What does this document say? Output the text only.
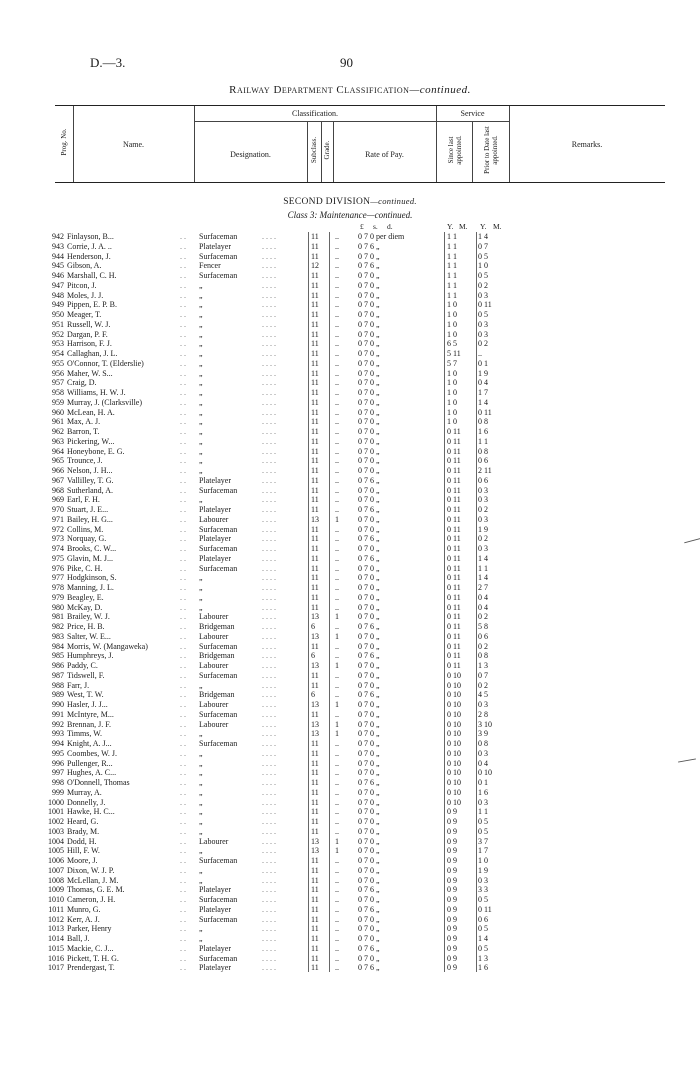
D.—3.	90
Railway Department Classification—continued.
Prog. No.	Name.
Classification.	Service
Designation.	Subclass. Grade.	Rate of Pay.	Since last appointed.	Prior to Date last appointed.	Remarks.
SECOND DIVISION—continued.
Class 3: Maintenance—continued.
£ s. d.	Y. M. Y. M.
942 Finlayson, B...	Surfaceman	11	..	0 7 0 per diem	1 1	1 4
. .	. . . .
943 Corrie, J. A. ..	Platelayer	11	..	0 7 6 „	1 1	0 7
. .	. . . .
944 Henderson, J.	Surfaceman	11	..	0 7 0 „	1 1	0 5
. .	. . . .
945 Gibson, A.	Fencer	12	..	0 7 6 „	1 1	1 0
. .	. . . .
946 Marshall, C. H.	Surfaceman	11	..	0 7 0 „	1 1	0 5
. .	. . . .
947 Pitcon, J.	„	11	..	0 7 0 „	1 1	0 2
. .	. . . .
948 Moles, J. J.	„	11	..	0 7 0 „	1 1	0 3
. .	. . . .
949 Pippen, E. P. B.	„	11	..	0 7 0 „	1 0	0 11
. .	. . . .
950 Meager, T.	„	11	..	0 7 0 „	1 0	0 5
. .	. . . .
951 Russell, W. J.	„	11	..	0 7 0 „	1 0	0 3
. .	. . . .
952 Dargan, P. F.	„	11	..	0 7 0 „	1 0	0 3
. .	. . . .
953 Harrison, F. J.	„	11	..	0 7 0 „	6 5	0 2
. .	. . . .
954 Callaghan, J. L.	„	11	..	0 7 0 „	5 11	..
. .	. . . .
955 O'Connor, T. (Elderslie)	„	11	..	0 7 0 „	5 7	0 1
. .	. . . .
956 Maher, W. S...	„	11	..	0 7 0 „	1 0	1 9
. .	. . . .
957 Craig, D.	„	11	..	0 7 0 „	1 0	0 4
. .	. . . .
958 Williams, H. W. J.	„	11	..	0 7 0 „	1 0	1 7
. .	. . . .
959 Murray, J. (Clarksville)	„	11	..	0 7 0 „	1 0	1 4
. .	. . . .
960 McLean, H. A.	„	11	..	0 7 0 „	1 0	0 11
. .	. . . .
961 Max, A. J.	„	11	..	0 7 0 „	1 0	0 8
. .	. . . .
962 Barron, T.	„	11	..	0 7 0 „	0 11	1 6
. .	. . . .
963 Pickering, W...	„	11	..	0 7 0 „	0 11	1 1
. .	. . . .
964 Honeybone, E. G.	„	11	..	0 7 0 „	0 11	0 8
. .	. . . .
965 Trounce, J.	„	11	..	0 7 0 „	0 11	0 6
. .	. . . .
966 Nelson, J. H...	„	11	..	0 7 0 „	0 11	2 11
. .	. . . .
967 Vallilley, T. G.	Platelayer	11	..	0 7 6 „	0 11	0 6
. .	. . . .
968 Sutherland, A.	Surfaceman	11	..	0 7 0 „	0 11	0 3
. .	. . . .
969 Earl, F. H.	„	11	..	0 7 0 „	0 11	0 3
. .	. . . .
970 Stuart, J. E...	Platelayer	11	..	0 7 6 „	0 11	0 2
. .	. . . .
971 Bailey, H. G...	Labourer	13	1	0 7 0 „	0 11	0 3
. .	. . . .
972 Collins, M.	Surfaceman	11	..	0 7 0 „	0 11	1 9
. .	. . . .
973 Norquay, G.	Platelayer	11	..	0 7 6 „	0 11	0 2
. .	. . . .
974 Brooks, C. W...	Surfaceman	11	..	0 7 0 „	0 11	0 3
. .	. . . .
975 Glavin, M. J...	Platelayer	11	..	0 7 6 „	0 11	1 4
. .	. . . .
976 Pike, C. H.	Surfaceman	11	..	0 7 0 „	0 11	1 1
. .	. . . .
977 Hodgkinson, S.	„	11	..	0 7 0 „	0 11	1 4
. .	. . . .
978 Manning, J. L.	„	11	..	0 7 0 „	0 11	2 7
. .	. . . .
979 Beagley, E.	„	11	..	0 7 0 „	0 11	0 4
. .	. . . .
980 McKay, D.	„	11	..	0 7 0 „	0 11	0 4
. .	. . . .
981 Brailey, W. J.	Labourer	13	1	0 7 0 „	0 11	0 2
. .	. . . .
982 Price, H. B.	Bridgeman	6	..	0 7 6 „	0 11	5 8
. .	. . . .
983 Salter, W. E...	Labourer	13	1	0 7 0 „	0 11	0 6
. .	. . . .
984 Morris, W. (Mangaweka)	Surfaceman	11	..	0 7 0 „	0 11	0 2
. .	. . . .
985 Humphreys, J.	Bridgeman	6	..	0 7 6 „	0 11	0 8
. .	. . . .
986 Paddy, C.	Labourer	13	1	0 7 0 „	0 11	1 3
. .	. . . .
987 Tidswell, F.	Surfaceman	11	..	0 7 0 „	0 10	0 7
. .	. . . .
988 Farr, J.	„	11	..	0 7 0 „	0 10	0 2
. .	. . . .
989 West, T. W.	Bridgeman	6	..	0 7 6 „	0 10	4 5
. .	. . . .
990 Hasler, J. J...	Labourer	13	1	0 7 0 „	0 10	0 3
. .	. . . .
991 McIntyre, M...	Surfaceman	11	..	0 7 0 „	0 10	2 8
. .	. . . .
992 Brennan, J. F.	Labourer	13	1	0 7 0 „	0 10	3 10
. .	. . . .
993 Timms, W.	„	13	1	0 7 0 „	0 10	3 9
. .	. . . .
994 Knight, A. J...	Surfaceman	11	..	0 7 0 „	0 10	0 8
. .	. . . .
995 Coombes, W. J.	„	11	..	0 7 0 „	0 10	0 3
. .	. . . .
996 Pullenger, R...	„	11	..	0 7 0 „	0 10	0 4
. .	. . . .
997 Hughes, A. C...	„	11	..	0 7 0 „	0 10	0 10
. .	. . . .
998 O'Donnell, Thomas	„	11	..	0 7 6 „	0 10	0 1
. .	. . . .
999 Murray, A.	„	11	..	0 7 0 „	0 10	1 6
. .	. . . .
1000 Donnelly, J.	„	11	..	0 7 0 „	0 10	0 3
. .	. . . .
1001 Hawke, H. C...	„	11	..	0 7 0 „	0 9	1 1
. .	. . . .
1002 Heard, G.	„	11	..	0 7 0 „	0 9	0 5
. .	. . . .
1003 Brady, M.	„	11	..	0 7 0 „	0 9	0 5
. .	. . . .
1004 Dodd, H.	Labourer	13	1	0 7 0 „	0 9	3 7
. .	. . . .
1005 Hill, F. W.	„	13	1	0 7 0 „	0 9	1 7
. .	. . . .
1006 Moore, J.	Surfaceman	11	..	0 7 0 „	0 9	1 0
. .	. . . .
1007 Dixon, W. J. P.	„	11	..	0 7 0 „	0 9	1 9
. .	. . . .
1008 McLellan, J. M.	„	11	..	0 7 0 „	0 9	0 3
. .	. . . .
1009 Thomas, G. E. M.	Platelayer	11	..	0 7 6 „	0 9	3 3
. .	. . . .
1010 Cameron, J. H.	Surfaceman	11	..	0 7 0 „	0 9	0 5
. .	. . . .
1011 Munro, G.	Platelayer	11	..	0 7 6 „	0 9	0 11
. .	. . . .
1012 Kerr, A. J.	Surfaceman	11	..	0 7 0 „	0 9	0 6
. .	. . . .
1013 Parker, Henry	„	11	..	0 7 0 „	0 9	0 5
. .	. . . .
1014 Ball, J.	„	11	..	0 7 0 „	0 9	1 4
. .	. . . .
1015 Mackie, C. J...	Platelayer	11	..	0 7 6 „	0 9	0 5
. .	. . . .
1016 Pickett, T. H. G.	Surfaceman	11	..	0 7 0 „	0 9	1 3
. .	. . . .
1017 Prendergast, T.	Platelayer	11	..	0 7 6 „	0 9	1 6
. .	. . . .
